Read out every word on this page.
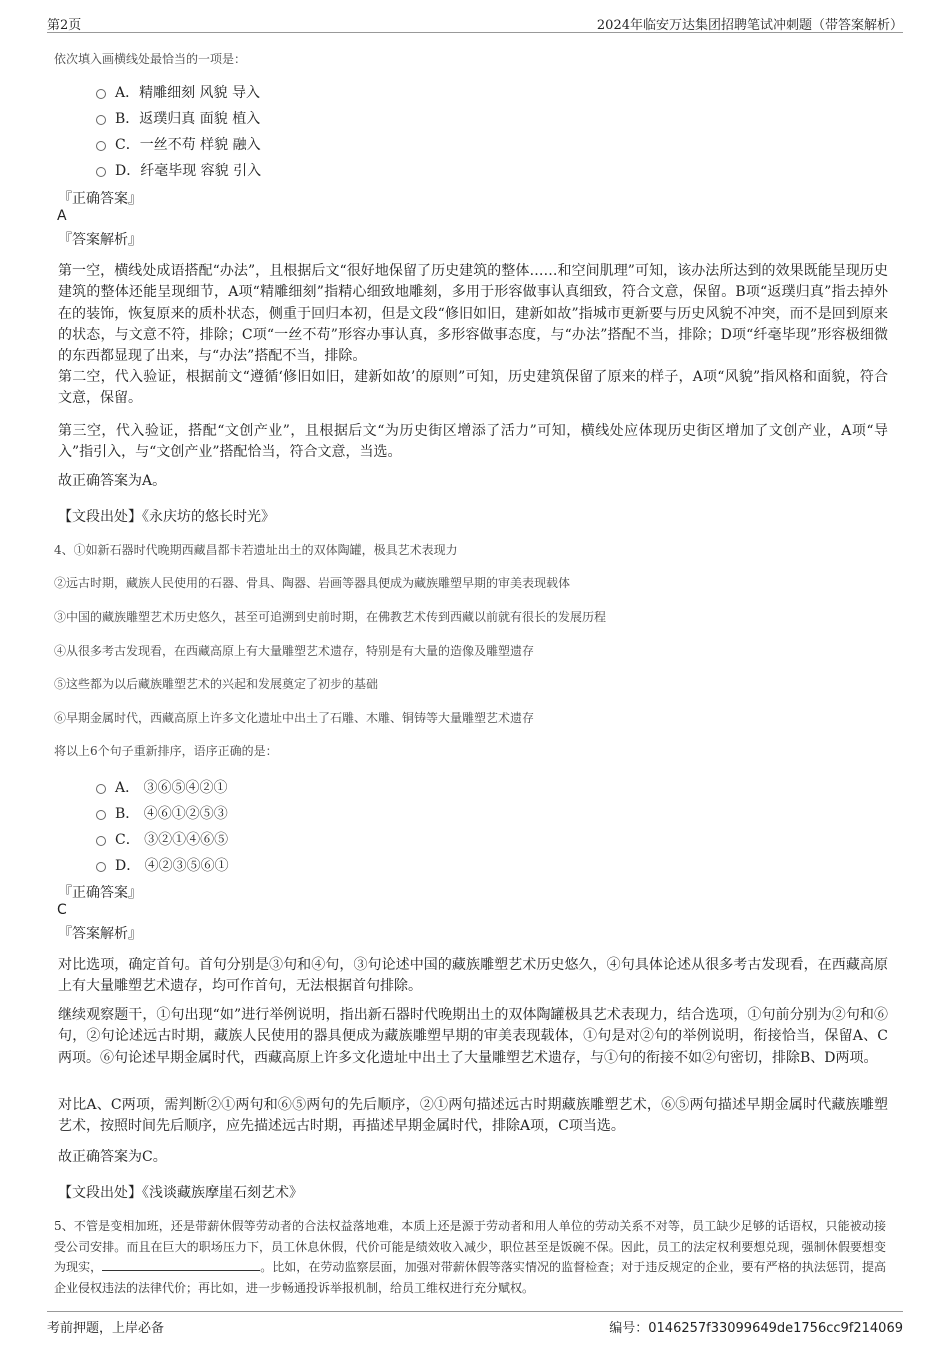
第2页	2024年临安万达集团招聘笔试冲刺题（带答案解析）
依次填入画横线处最恰当的一项是：
A．精雕细刻 风貌 导入
B．返璞归真 面貌 植入
C．一丝不苟 样貌 融入
D．纤毫毕现 容貌 引入
『正确答案』
A
『答案解析』
第一空，横线处成语搭配“办法”，且根据后文“很好地保留了历史建筑的整体……和空间肌理”可知，该办法所达到的效果既能呈现历史建筑的整体还能呈现细节，A项“精雕细刻”指精心细致地雕刻，多用于形容做事认真细致，符合文意，保留。B项“返璞归真”指去掉外在的装饰，恢复原来的质朴状态，侧重于回归本初，但是文段“修旧如旧，建新如故”指城市更新要与历史风貌不冲突，而不是回到原来的状态，与文意不符，排除；C项“一丝不苟”形容办事认真，多形容做事态度，与“办法”搭配不当，排除；D项“纤毫毕现”形容极细微的东西都显现了出来，与“办法”搭配不当，排除。
第二空，代入验证，根据前文“遵循‘修旧如旧，建新如故’的原则”可知，历史建筑保留了原来的样子，A项“风貌”指风格和面貌，符合文意，保留。
第三空，代入验证，搭配“文创产业”，且根据后文“为历史街区增添了活力”可知，横线处应体现历史街区增加了文创产业，A项“导入”指引入，与“文创产业”搭配恰当，符合文意，当选。
故正确答案为A。
【文段出处】《永庆坊的悠长时光》
4、①如新石器时代晚期西藏昌都卡若遗址出土的双体陶罐，极具艺术表现力
②远古时期，藏族人民使用的石器、骨具、陶器、岩画等器具便成为藏族雕塑早期的审美表现载体
③中国的藏族雕塑艺术历史悠久，甚至可追溯到史前时期，在佛教艺术传到西藏以前就有很长的发展历程
④从很多考古发现看，在西藏高原上有大量雕塑艺术遗存，特别是有大量的造像及雕塑遗存
⑤这些都为以后藏族雕塑艺术的兴起和发展奠定了初步的基础
⑥早期金属时代，西藏高原上许多文化遗址中出土了石雕、木雕、铜铸等大量雕塑艺术遗存
将以上6个句子重新排序，语序正确的是：
A． ③⑥⑤④②①
B． ④⑥①②⑤③
C． ③②①④⑥⑤
D． ④②③⑤⑥①
『正确答案』
C
『答案解析』
对比选项，确定首句。首句分别是③句和④句，③句论述中国的藏族雕塑艺术历史悠久，④句具体论述从很多考古发现看，在西藏高原上有大量雕塑艺术遗存，均可作首句，无法根据首句排除。
继续观察题干，①句出现“如”进行举例说明，指出新石器时代晚期出土的双体陶罐极具艺术表现力，结合选项，①句前分别为②句和⑥句，②句论述远古时期，藏族人民使用的器具便成为藏族雕塑早期的审美表现载体，①句是对②句的举例说明，衔接恰当，保留A、C两项。⑥句论述早期金属时代，西藏高原上许多文化遗址中出土了大量雕塑艺术遗存，与①句的衔接不如②句密切，排除B、D两项。
对比A、C两项，需判断②①两句和⑥⑤两句的先后顺序，②①两句描述远古时期藏族雕塑艺术，⑥⑤两句描述早期金属时代藏族雕塑艺术，按照时间先后顺序，应先描述远古时期，再描述早期金属时代，排除A项，C项当选。
故正确答案为C。
【文段出处】《浅谈藏族摩崖石刻艺术》
5、不管是变相加班，还是带薪休假等劳动者的合法权益落地难，本质上还是源于劳动者和用人单位的劳动关系不对等，员工缺少足够的话语权，只能被动接受公司安排。而且在巨大的职场压力下，员工休息休假，代价可能是绩效收入减少，职位甚至是饭碗不保。因此，员工的法定权利要想兑现，强制休假要想变为现实，	。比如，在劳动监察层面，加强对带薪休假等落实情况的监督检查；对于违反规定的企业，要有严格的执法惩罚，提高企业侵权违法的法律代价；再比如，进一步畅通投诉举报机制，给员工维权进行充分赋权。
考前押题，上岸必备	编号：0146257f33099649de1756cc9f214069
